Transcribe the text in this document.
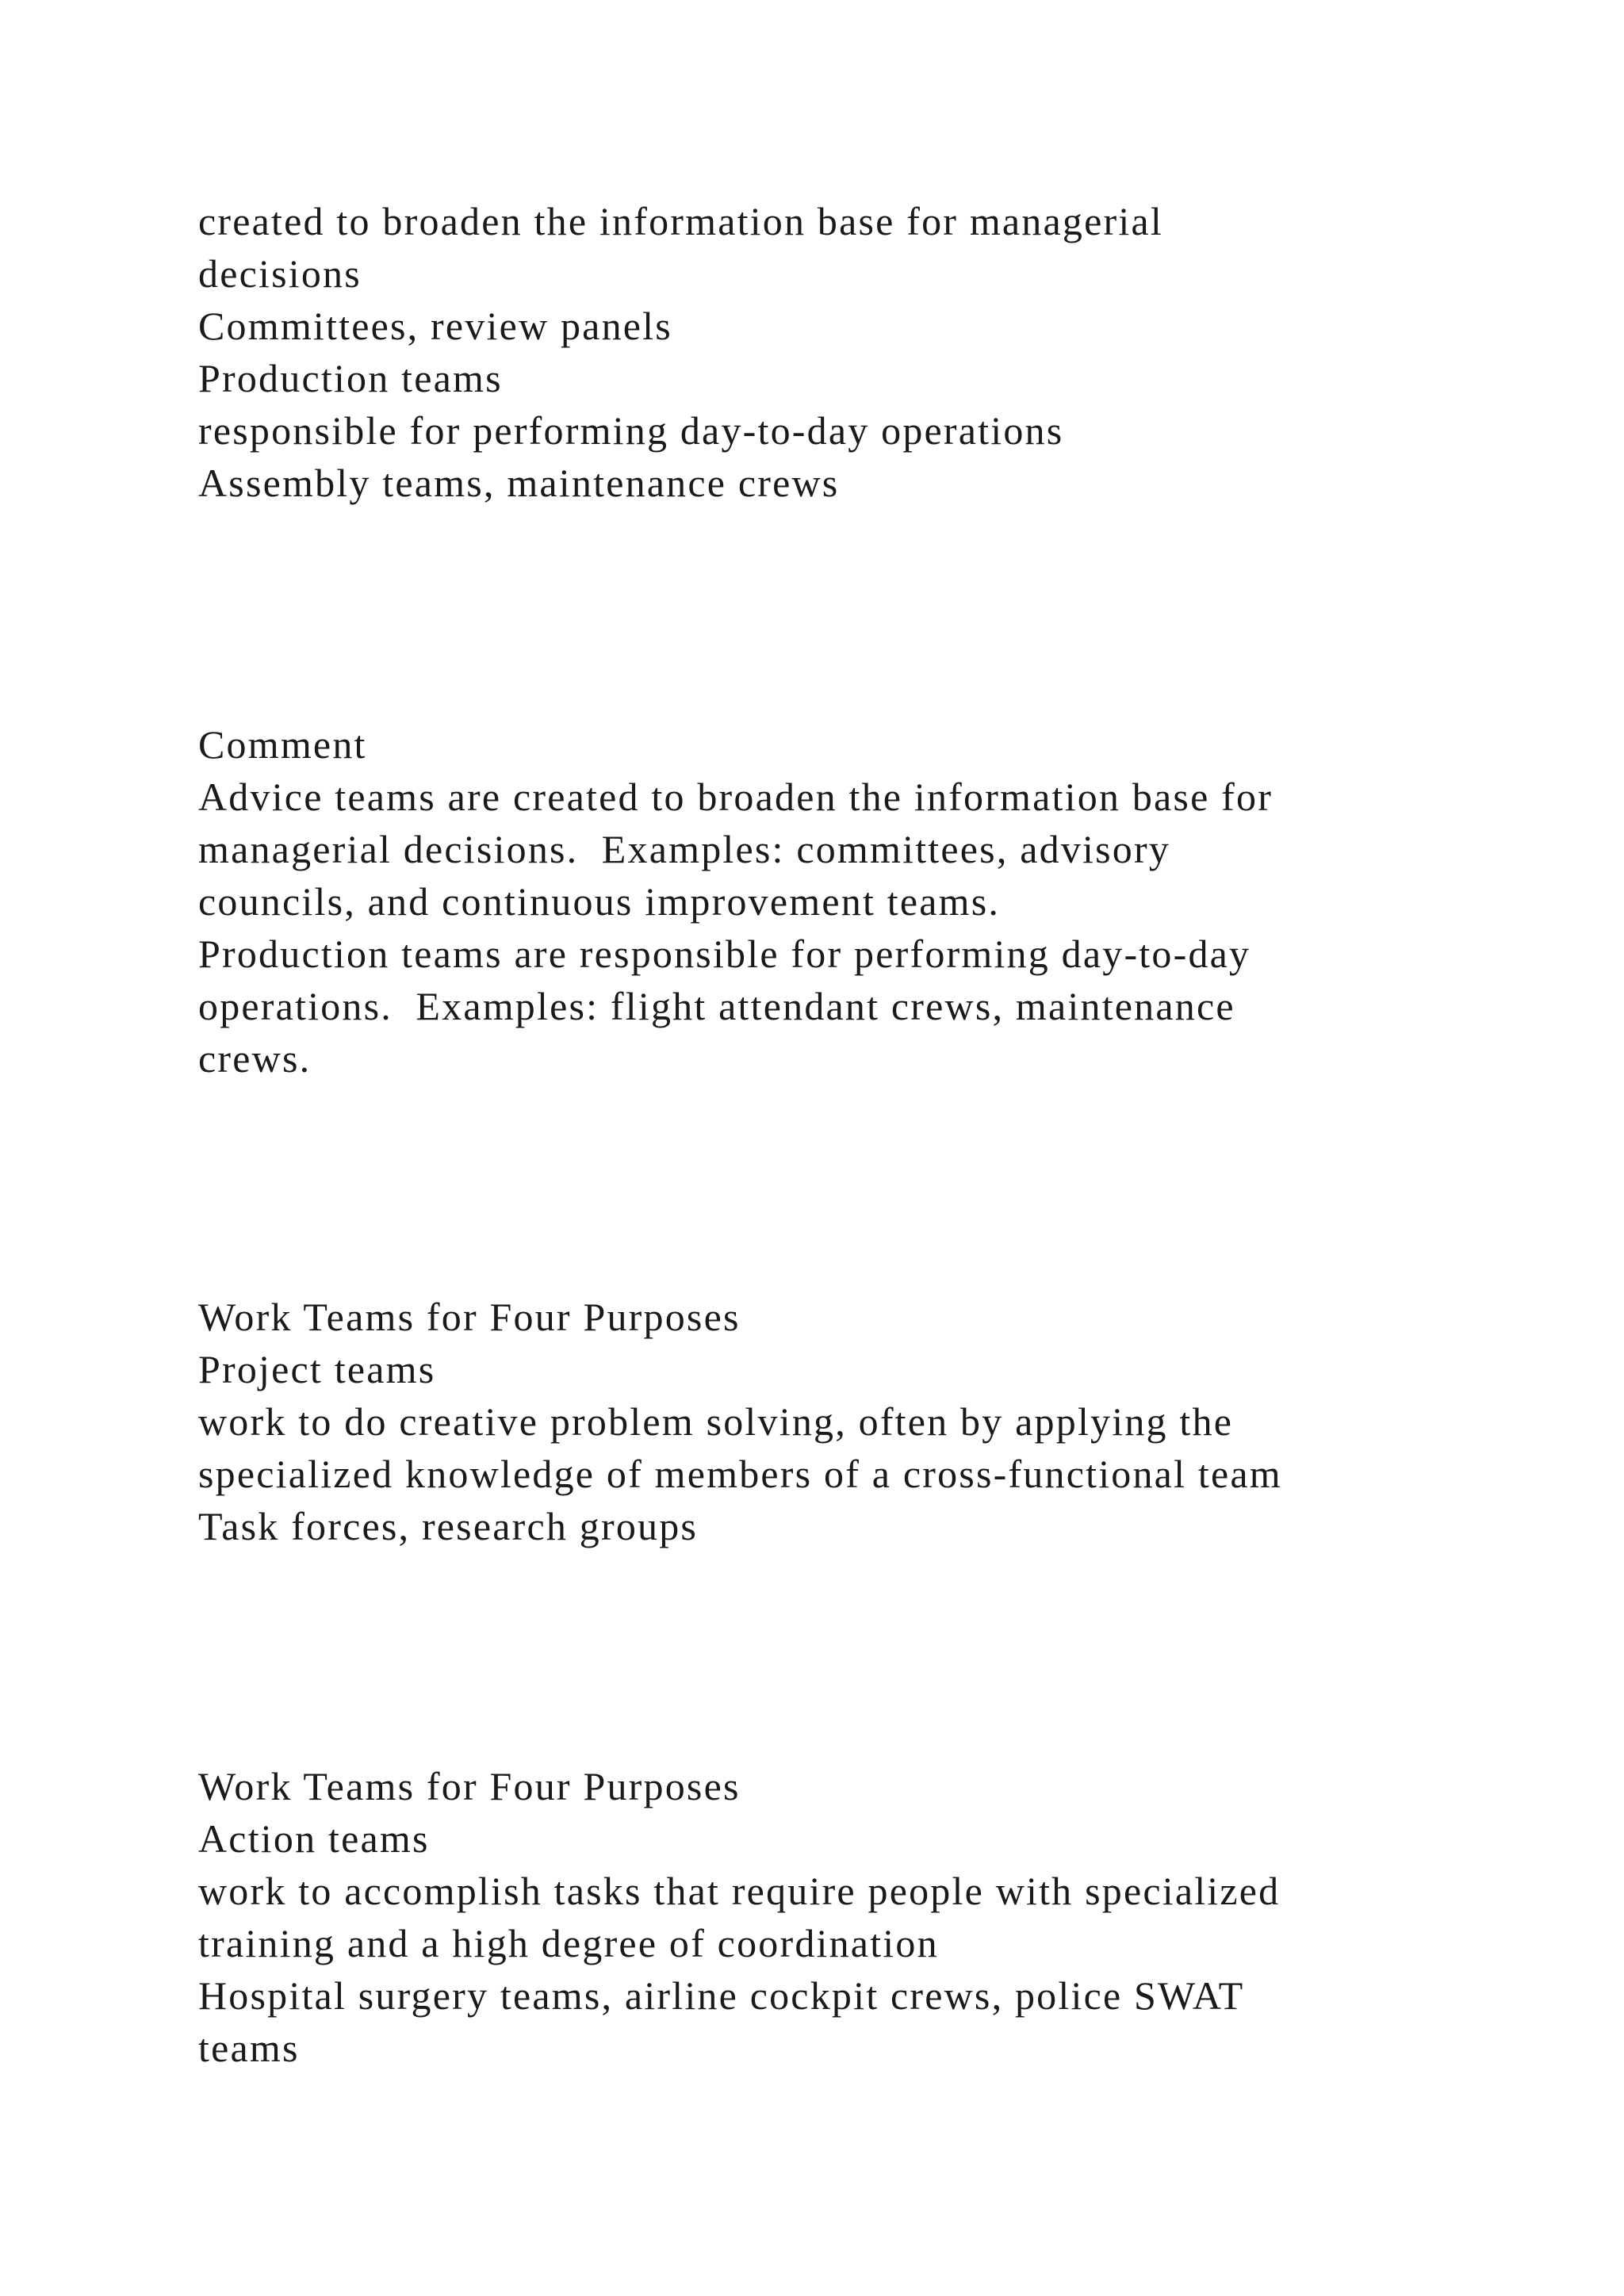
created to broaden the information base for managerial

decisions

Committees, review panels

Production teams

responsible for performing day-to-day operations

Assembly teams, maintenance crews

Comment

Advice teams are created to broaden the information base for

managerial decisions.  Examples: committees, advisory

councils, and continuous improvement teams.

Production teams are responsible for performing day-to-day

operations.  Examples: flight attendant crews, maintenance

crews.

Work Teams for Four Purposes

Project teams

work to do creative problem solving, often by applying the

specialized knowledge of members of a cross-functional team

Task forces, research groups

Work Teams for Four Purposes

Action teams

work to accomplish tasks that require people with specialized

training and a high degree of coordination

Hospital surgery teams, airline cockpit crews, police SWAT

teams
